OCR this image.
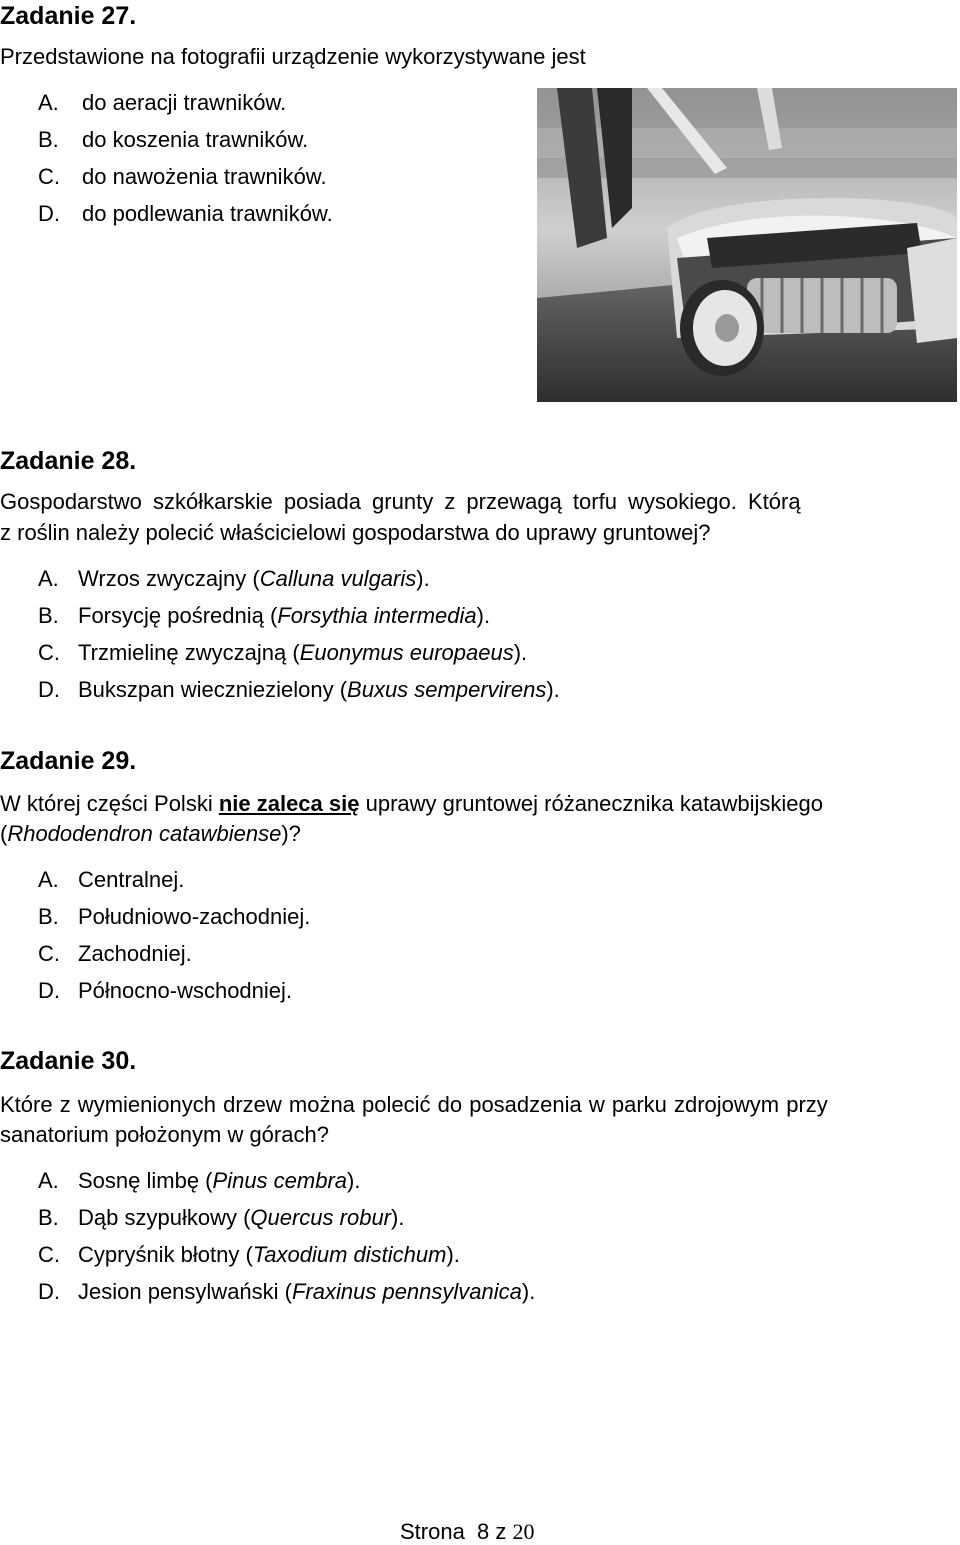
Zadanie 27.
Przedstawione na fotografii urządzenie wykorzystywane jest
A. do aeracji trawników.
B. do koszenia trawników.
C. do nawożenia trawników.
D. do podlewania trawników.
Zadanie 28.
Gospodarstwo szkółkarskie posiada grunty z przewagą torfu wysokiego. Którą
z roślin należy polecić właścicielowi gospodarstwa do uprawy gruntowej?
A. Wrzos zwyczajny (Calluna vulgaris).
B. Forsycję pośrednią (Forsythia intermedia).
C. Trzmielinę zwyczajną (Euonymus europaeus).
D. Bukszpan wieczniezielony (Buxus sempervirens).
Zadanie 29.
W której części Polski nie zaleca się uprawy gruntowej różanecznika katawbijskiego
(Rhododendron catawbiense)?
A. Centralnej.
B. Południowo-zachodniej.
C. Zachodniej.
D. Północno-wschodniej.
Zadanie 30.
Które z wymienionych drzew można polecić do posadzenia w parku zdrojowym przy
sanatorium położonym w górach?
A. Sosnę limbę (Pinus cembra).
B. Dąb szypułkowy (Quercus robur).
C. Cypryśnik błotny (Taxodium distichum).
D. Jesion pensylwański (Fraxinus pennsylvanica).
Strona 8 z 20
